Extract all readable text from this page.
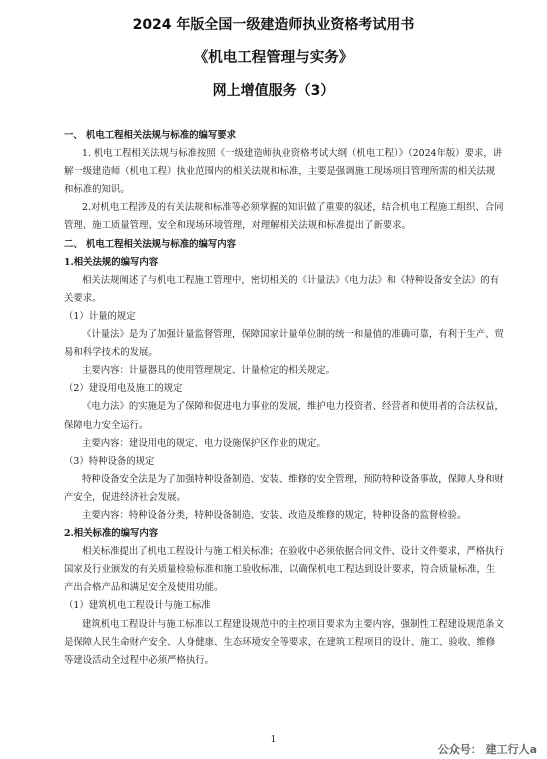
2024 年版全国一级建造师执业资格考试用书
《机电工程管理与实务》
网上增值服务（3）

一、 机电工程相关法规与标准的编写要求

1. 机电工程相关法规与标准按照《一级建造师执业资格考试大纲（机电工程）》（2024年版）要求，讲解一级建造师（机电工程）执业范围内的相关法规和标准，主要是强调施工现场项目管理所需的相关法规和标准的知识。

2.对机电工程涉及的有关法规和标准等必须掌握的知识做了重要的叙述，结合机电工程施工组织、合同管理、施工质量管理、安全和现场环境管理，对理解相关法规和标准提出了新要求。

二、 机电工程相关法规与标准的编写内容

1.相关法规的编写内容

相关法规阐述了与机电工程施工管理中，密切相关的《计量法》《电力法》和《特种设备安全法》的有关要求。

（1）计量的规定

《计量法》是为了加强计量监督管理，保障国家计量单位制的统一和量值的准确可靠，有利于生产、贸易和科学技术的发展。

主要内容：计量器具的使用管理规定、计量检定的相关规定。

（2）建设用电及施工的规定

《电力法》的实施是为了保障和促进电力事业的发展，维护电力投资者、经营者和使用者的合法权益，保障电力安全运行。

主要内容：建设用电的规定、电力设施保护区作业的规定。

（3）特种设备的规定

特种设备安全法是为了加强特种设备制造、安装、维修的安全管理，预防特种设备事故，保障人身和财产安全，促进经济社会发展。

主要内容：特种设备分类，特种设备制造、安装、改造及维修的规定，特种设备的监督检验。

2.相关标准的编写内容

相关标准提出了机电工程设计与施工相关标准；在验收中必须依据合同文件、设计文件要求，严格执行国家及行业颁发的有关质量检验标准和施工验收标准，以确保机电工程达到设计要求，符合质量标准，生产出合格产品和满足安全及使用功能。

（1）建筑机电工程设计与施工标准

建筑机电工程设计与施工标准以工程建设规范中的主控项目要求为主要内容，强制性工程建设规范条文是保障人民生命财产安全、人身健康、生态环境安全等要求，在建筑工程项目的设计、施工、验收、维修等建设活动全过程中必须严格执行。

1
公众号： 建工行人a
